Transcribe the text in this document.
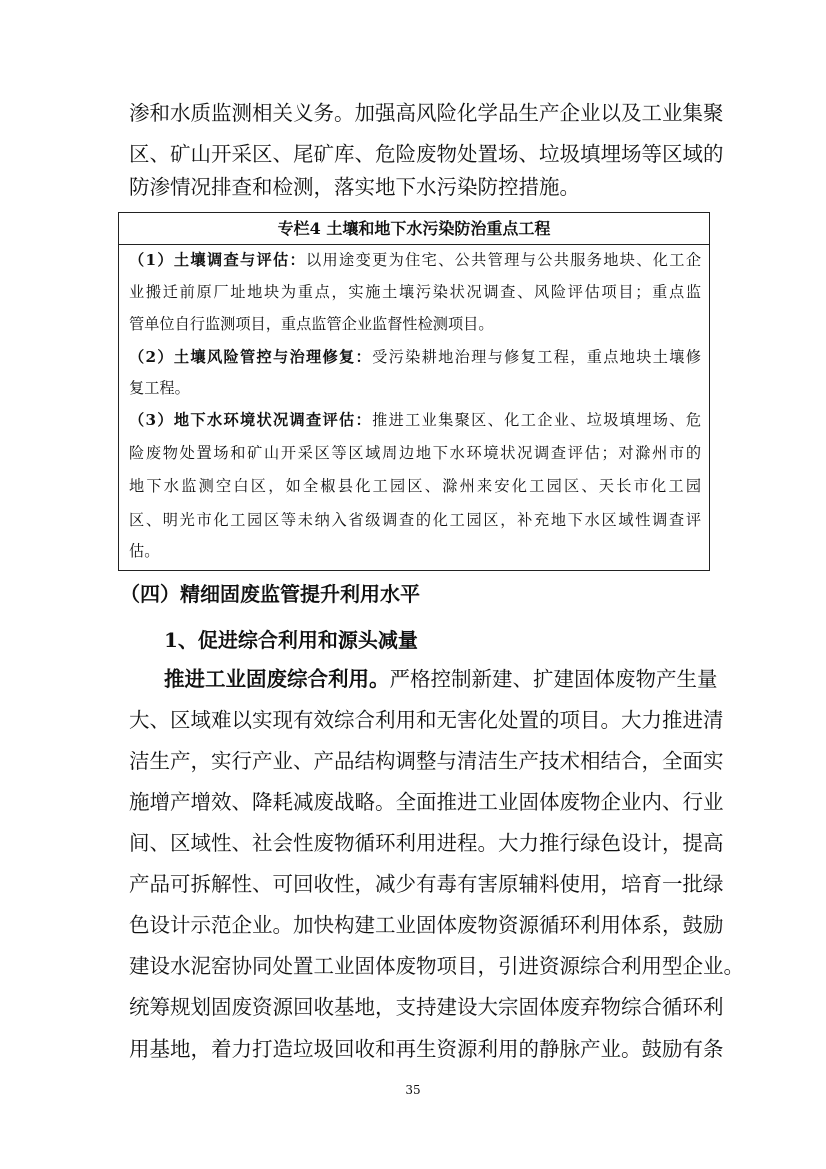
渗和水质监测相关义务。加强高风险化学品生产企业以及工业集聚
区、矿山开采区、尾矿库、危险废物处置场、垃圾填埋场等区域的
防渗情况排查和检测，落实地下水污染防控措施。
专栏4 土壤和地下水污染防治重点工程
（1）土壤调查与评估：以用途变更为住宅、公共管理与公共服务地块、化工企
业搬迁前原厂址地块为重点，实施土壤污染状况调查、风险评估项目；重点监
管单位自行监测项目，重点监管企业监督性检测项目。
（2）土壤风险管控与治理修复：受污染耕地治理与修复工程，重点地块土壤修
复工程。
（3）地下水环境状况调查评估：推进工业集聚区、化工企业、垃圾填埋场、危
险废物处置场和矿山开采区等区域周边地下水环境状况调查评估；对滁州市的
地下水监测空白区，如全椒县化工园区、滁州来安化工园区、天长市化工园
区、明光市化工园区等未纳入省级调查的化工园区，补充地下水区域性调查评
估。
（四）精细固废监管提升利用水平
1、促进综合利用和源头减量
推进工业固废综合利用。严格控制新建、扩建固体废物产生量
大、区域难以实现有效综合利用和无害化处置的项目。大力推进清
洁生产，实行产业、产品结构调整与清洁生产技术相结合，全面实
施增产增效、降耗减废战略。全面推进工业固体废物企业内、行业
间、区域性、社会性废物循环利用进程。大力推行绿色设计，提高
产品可拆解性、可回收性，减少有毒有害原辅料使用，培育一批绿
色设计示范企业。加快构建工业固体废物资源循环利用体系，鼓励
建设水泥窑协同处置工业固体废物项目，引进资源综合利用型企业。
统筹规划固废资源回收基地，支持建设大宗固体废弃物综合循环利
用基地，着力打造垃圾回收和再生资源利用的静脉产业。鼓励有条
35
